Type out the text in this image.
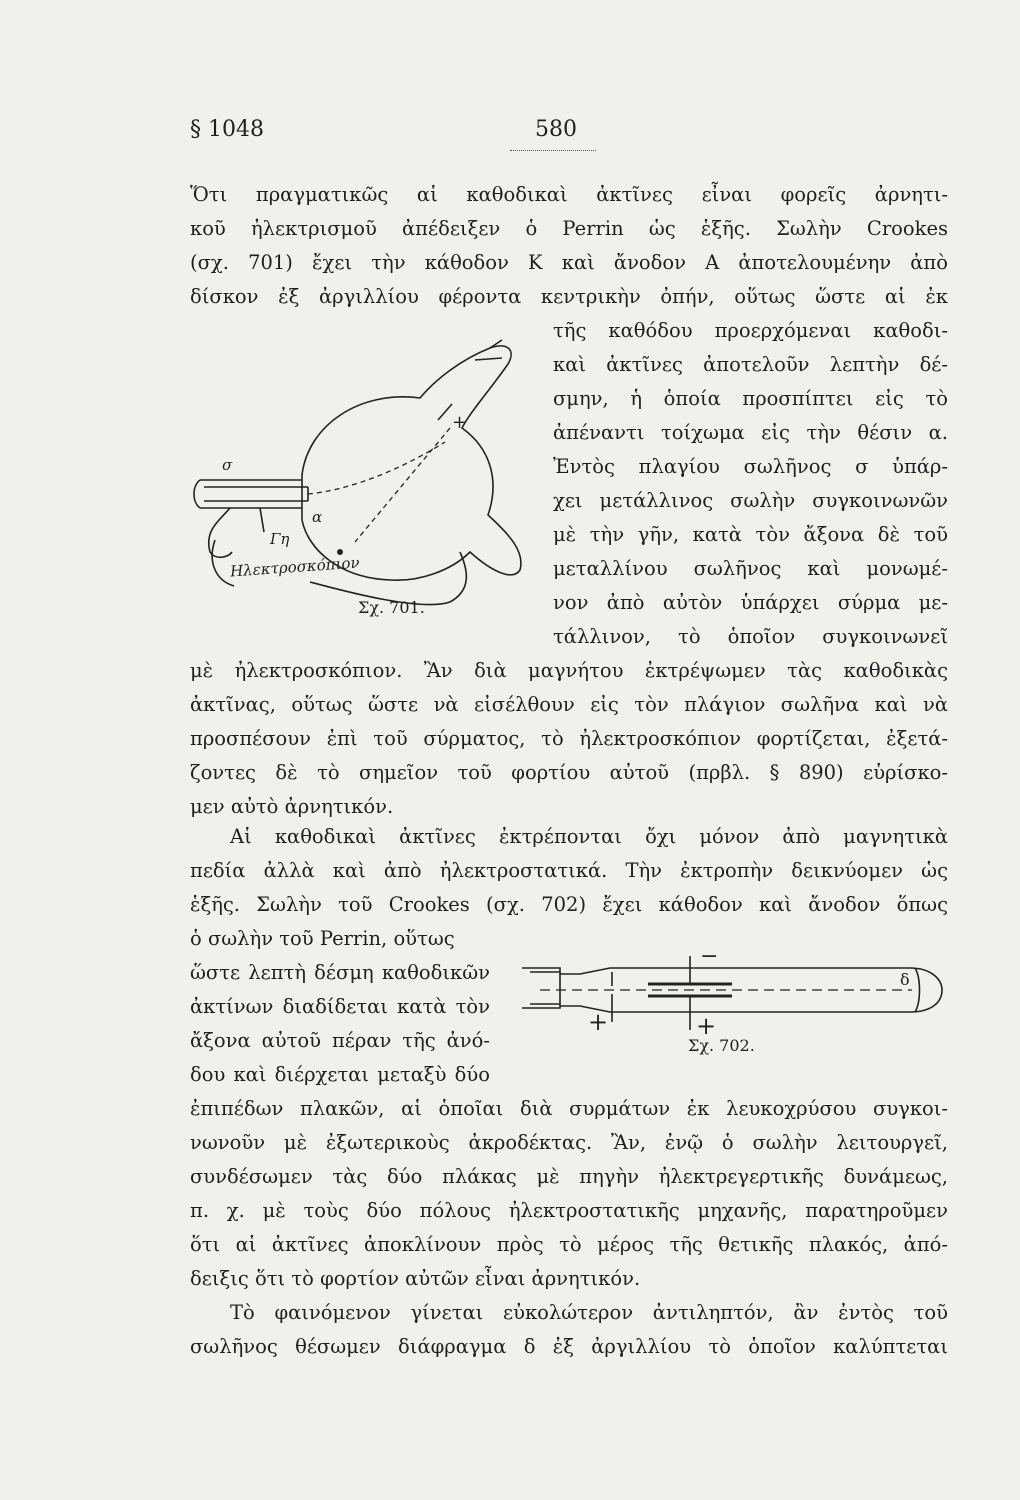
§ 1048	580
Ὅτι πραγματικῶς αἱ καθοδικαὶ ἀκτῖνες εἶναι φορεῖς ἀρνητι-
κοῦ ἠλεκτρισμοῦ ἀπέδειξεν ὁ Perrin ὡς ἑξῆς. Σωλὴν Crookes
(σχ. 701) ἔχει τὴν κάθοδον Κ καὶ ἄνοδον Α ἀποτελουμένην ἀπὸ
δίσκον ἐξ ἀργιλλίου φέροντα κεντρικὴν ὀπήν, οὕτως ὥστε αἱ ἐκ
τῆς καθόδου προερχόμεναι καθοδι-
καὶ ἀκτῖνες ἀποτελοῦν λεπτὴν δέ-
σμην, ἡ ὁποία προσπίπτει εἰς τὸ
ἀπέναντι τοίχωμα εἰς τὴν θέσιν α.
Ἐντὸς πλαγίου σωλῆνος σ ὑπάρ-
χει μετάλλινος σωλὴν συγκοινωνῶν
μὲ τὴν γῆν, κατὰ τὸν ἄξονα δὲ τοῦ
μεταλλίνου σωλῆνος καὶ μονωμέ-
νον ἀπὸ αὐτὸν ὑπάρχει σύρμα με-
τάλλινον, τὸ ὁποῖον συγκοινωνεῖ
σ
α
Γη
+
Ηλεκτροσκόπιον
Σχ. 701.
μὲ ἠλεκτροσκόπιον. Ἂν διὰ μαγνήτου ἐκτρέψωμεν τὰς καθοδικὰς
ἀκτῖνας, οὕτως ὥστε νὰ εἰσέλθουν εἰς τὸν πλάγιον σωλῆνα καὶ νὰ
προσπέσουν ἐπὶ τοῦ σύρματος, τὸ ἠλεκτροσκόπιον φορτίζεται, ἐξετά-
ζοντες δὲ τὸ σημεῖον τοῦ φορτίου αὐτοῦ (πρβλ. § 890) εὑρίσκο-
μεν αὐτὸ ἀρνητικόν.
Αἱ καθοδικαὶ ἀκτῖνες ἐκτρέπονται ὄχι μόνον ἀπὸ μαγνητικὰ
πεδία ἀλλὰ καὶ ἀπὸ ἠλεκτροστατικά. Τὴν ἐκτροπὴν δεικνύομεν ὡς
ἑξῆς. Σωλὴν τοῦ Crookes (σχ. 702) ἔχει κάθοδον καὶ ἄνοδον ὅπως
ὁ σωλὴν τοῦ Perrin, οὕτως
ὥστε λεπτὴ δέσμη καθοδικῶν
ἀκτίνων διαδίδεται κατὰ τὸν
ἄξονα αὐτοῦ πέραν τῆς ἀνό-
δου καὶ διέρχεται μεταξὺ δύο
−
+	+
δ
Σχ. 702.
ἐπιπέδων πλακῶν, αἱ ὁποῖαι διὰ συρμάτων ἐκ λευκοχρύσου συγκοι-
νωνοῦν μὲ ἐξωτερικοὺς ἀκροδέκτας. Ἂν, ἐνῷ ὁ σωλὴν λειτουργεῖ,
συνδέσωμεν τὰς δύο πλάκας μὲ πηγὴν ἠλεκτρεγερτικῆς δυνάμεως,
π. χ. μὲ τοὺς δύο πόλους ἠλεκτροστατικῆς μηχανῆς, παρατηροῦμεν
ὅτι αἱ ἀκτῖνες ἀποκλίνουν πρὸς τὸ μέρος τῆς θετικῆς πλακός, ἀπό-
δειξις ὅτι τὸ φορτίον αὐτῶν εἶναι ἀρνητικόν.
Τὸ φαινόμενον γίνεται εὐκολώτερον ἀντιληπτόν, ἂν ἐντὸς τοῦ
σωλῆνος θέσωμεν διάφραγμα δ ἐξ ἀργιλλίου τὸ ὁποῖον καλύπτεται
